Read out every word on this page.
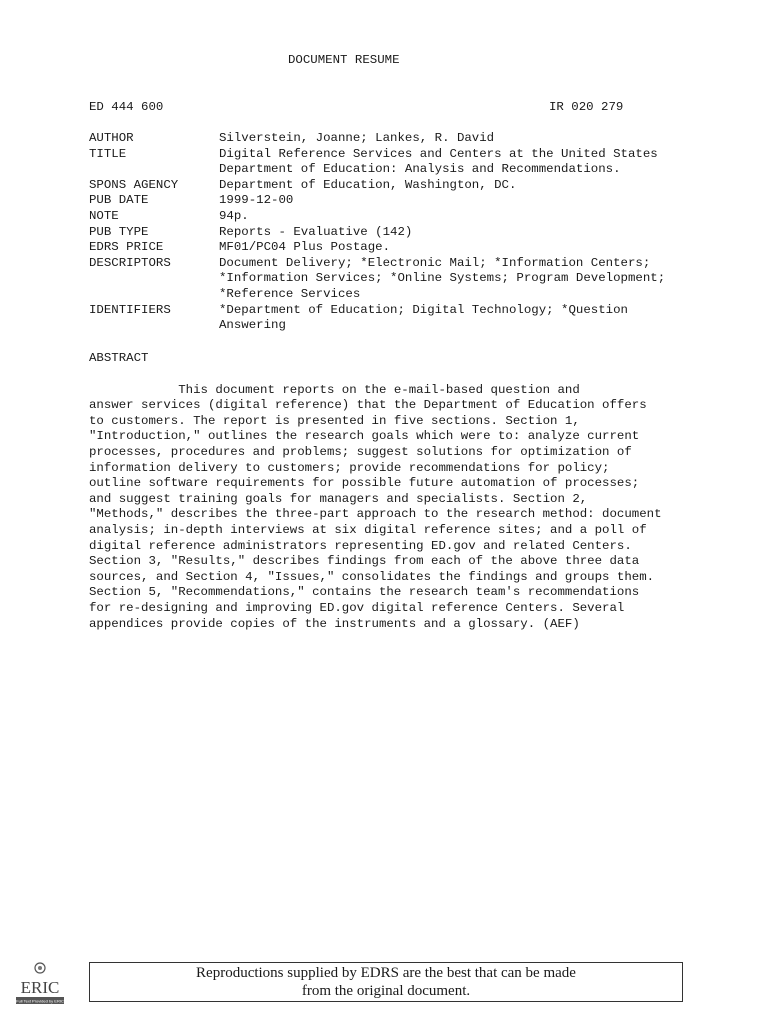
DOCUMENT RESUME
ED 444 600	IR 020 279
AUTHOR	Silverstein, Joanne; Lankes, R. David
TITLE	Digital Reference Services and Centers at the United States
Department of Education: Analysis and Recommendations.
SPONS AGENCY	Department of Education, Washington, DC.
PUB DATE	1999-12-00
NOTE	94p.
PUB TYPE	Reports - Evaluative (142)
EDRS PRICE	MF01/PC04 Plus Postage.
DESCRIPTORS	Document Delivery; *Electronic Mail; *Information Centers;
*Information Services; *Online Systems; Program Development;
*Reference Services
IDENTIFIERS	*Department of Education; Digital Technology; *Question
Answering
ABSTRACT

This document reports on the e-mail-based question and
answer services (digital reference) that the Department of Education offers
to customers. The report is presented in five sections. Section 1,
"Introduction," outlines the research goals which were to: analyze current
processes, procedures and problems; suggest solutions for optimization of
information delivery to customers; provide recommendations for policy;
outline software requirements for possible future automation of processes;
and suggest training goals for managers and specialists. Section 2,
"Methods," describes the three-part approach to the research method: document
analysis; in-depth interviews at six digital reference sites; and a poll of
digital reference administrators representing ED.gov and related Centers.
Section 3, "Results," describes findings from each of the above three data
sources, and Section 4, "Issues," consolidates the findings and groups them.
Section 5, "Recommendations," contains the research team's recommendations
for re-designing and improving ED.gov digital reference Centers. Several
appendices provide copies of the instruments and a glossary. (AEF)

ERIC
Full Text Provided by ERIC
Reproductions supplied by EDRS are the best that can be made
from the original document.
